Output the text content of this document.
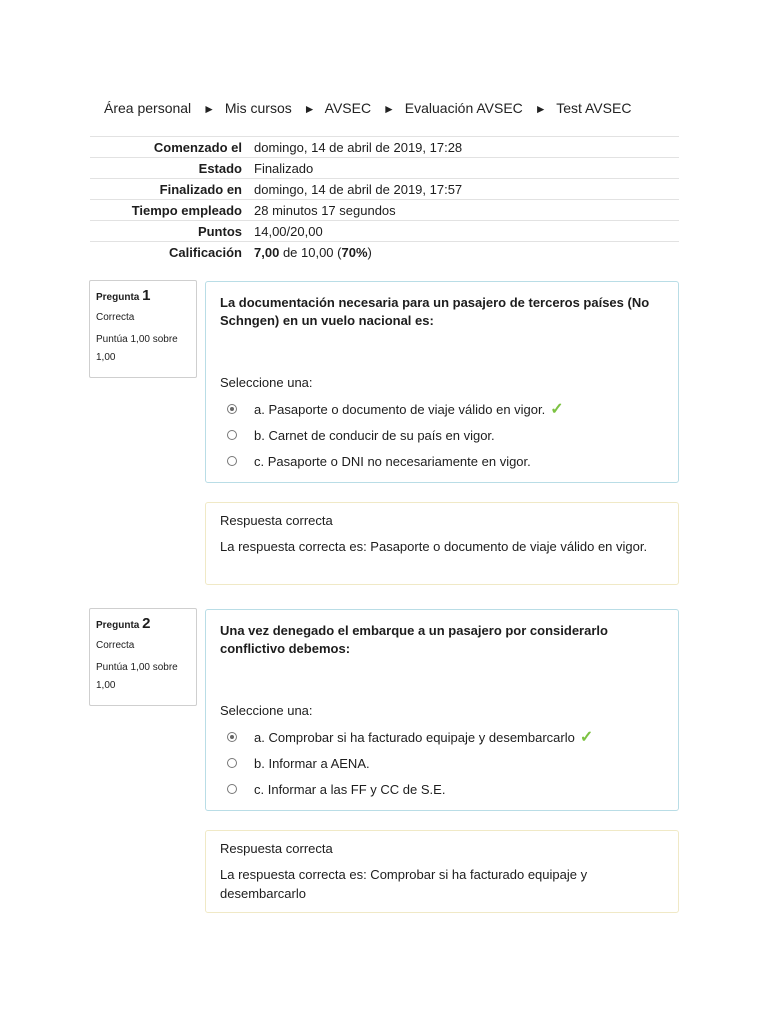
Área personal ► Mis cursos ► AVSEC ► Evaluación AVSEC ► Test AVSEC
Comenzado el	domingo, 14 de abril de 2019, 17:28
Estado	Finalizado
Finalizado en	domingo, 14 de abril de 2019, 17:57
Tiempo empleado	28 minutos 17 segundos
Puntos	14,00/20,00
Calificación	7,00 de 10,00 (70%)
Pregunta 1
Correcta
Puntúa 1,00 sobre 1,00
La documentación necesaria para un pasajero de terceros países (No Schngen) en un vuelo nacional es:
Seleccione una:
a. Pasaporte o documento de viaje válido en vigor. ✓
b. Carnet de conducir de su país en vigor.
c. Pasaporte o DNI no necesariamente en vigor.
Respuesta correcta
La respuesta correcta es: Pasaporte o documento de viaje válido en vigor.
Pregunta 2
Correcta
Puntúa 1,00 sobre 1,00
Una vez denegado el embarque a un pasajero por considerarlo conflictivo debemos:
Seleccione una:
a. Comprobar si ha facturado equipaje y desembarcarlo ✓
b. Informar a AENA.
c. Informar a las FF y CC de S.E.
Respuesta correcta
La respuesta correcta es: Comprobar si ha facturado equipaje y desembarcarlo
